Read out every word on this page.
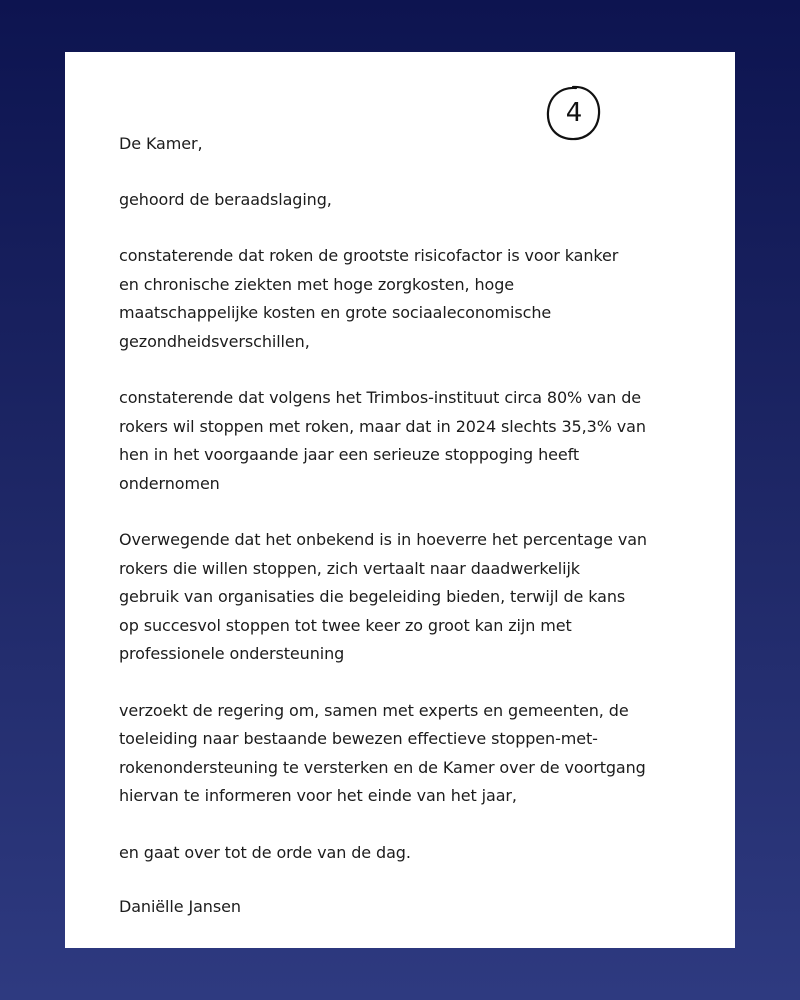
4

De Kamer,

gehoord de beraadslaging,

constaterende dat roken de grootste risicofactor is voor kanker
en chronische ziekten met hoge zorgkosten, hoge
maatschappelijke kosten en grote sociaaleconomische
gezondheidsverschillen,

constaterende dat volgens het Trimbos-instituut circa 80% van de
rokers wil stoppen met roken, maar dat in 2024 slechts 35,3% van
hen in het voorgaande jaar een serieuze stoppoging heeft
ondernomen

Overwegende dat het onbekend is in hoeverre het percentage van
rokers die willen stoppen, zich vertaalt naar daadwerkelijk
gebruik van organisaties die begeleiding bieden, terwijl de kans
op succesvol stoppen tot twee keer zo groot kan zijn met
professionele ondersteuning

verzoekt de regering om, samen met experts en gemeenten, de
toeleiding naar bestaande bewezen effectieve stoppen-met-
rokenondersteuning te versterken en de Kamer over de voortgang
hiervan te informeren voor het einde van het jaar,

en gaat over tot de orde van de dag.

Daniëlle Jansen
